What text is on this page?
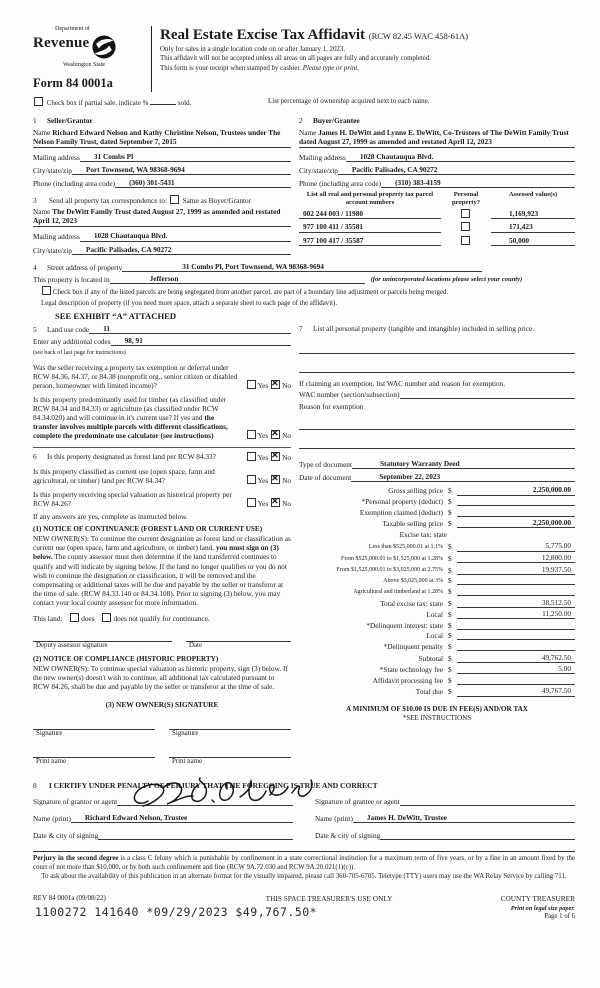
Department of
Revenue
Washington State
Form 84 0001a
Real Estate Excise Tax Affidavit (RCW 82.45 WAC 458-61A)
Only for sales in a single location code on or after January 1, 2023.
This affidavit will not be accepted unless all areas on all pages are fully and accurately completed.
This form is your receipt when stamped by cashier. Please type or print.
Check box if partial sale, indicate %	sold.	List percentage of ownership acquired next to each name.
1 Seller/Grantor
Name Richard Edward Nelson and Kathy Christine Nelson, Trustees under The Nelson Family Trust, dated September 7, 2015
Mailing address	31 Combs Pl
City/state/zip	Port Townsend, WA 98368-9694
Phone (including area code)	(360) 301-5431
3 Send all property tax correspondence to: Same as Buyer/Grantor
Name The DeWitt Family Trust dated August 27, 1999 as amended and restated April 12, 2023
Mailing address	1028 Chautauqua Blvd.
City/state/zip	Pacific Palisades, CA 90272
2 Buyer/Grantee
Name James H. DeWitt and Lynne E. DeWitt, Co-Trustees of The DeWitt Family Trust dated August 27, 1999 as amended and restated April 12, 2023
Mailing address	1028 Chautauqua Blvd.
City/state/zip	Pacific Palisades, CA 90272
Phone (including area code)	(310) 383-4159
List all real and personal property tax parcel account numbers
Personal property?
Assessed value(s)
002 244 003 / 11980	1,169,923
977 100 411 / 35581	171,423
977 100 417 / 35587	50,000
4	Street address of property	31 Combs Pl, Port Townsend, WA 98368-9694
This property is located in	Jefferson	(for unincorporated locations please select your county)
Check box if any of the listed parcels are being segregated from another parcel, are part of a boundary line adjustment or parcels being merged.
Legal description of property (if you need more space, attach a separate sheet to each page of the affidavit).
SEE EXHIBIT “A” ATTACHED
5	Land use code	11
Enter any additional codes	98, 91
(see back of last page for instructions)
Was the seller receiving a property tax exemption or deferral under RCW 84.36, 84.37, or 84.38 (nonprofit org., senior citizen or disabled person, homeowner with limited income)?	Yes ✕ No
Is this property predominantly used for timber (as classified under RCW 84.34 and 84.33) or agriculture (as classified under RCW 84.34.020) and will continue in it's current use? If yes and the transfer involves multiple parcels with different classifications, complete the predominate use calculator (see instructions)	Yes ✕ No
6 Is this property designated as forest land per RCW 84.33?	Yes ✕ No
Is this property classified as current use (open space, farm and agricultural, or timber) land per RCW 84.34?	Yes ✕ No
Is this property receiving special valuation as historical property per RCW 84.26?	Yes ✕ No
If any answers are yes, complete as instructed below.
(1) NOTICE OF CONTINUANCE (FOREST LAND OR CURRENT USE)
NEW OWNER(S): To continue the current designation as forest land or classification as current use (open space, farm and agriculture, or timber) land, you must sign on (3) below. The county assessor must then determine if the land transferred continues to qualify and will indicate by signing below. If the land no longer qualifies or you do not wish to continue the designation or classification, it will be removed and the compensating or additional taxes will be due and payable by the seller or transferor at the time of sale. (RCW 84.33.140 or 84.34.108). Prior to signing (3) below, you may contact your local county assessor for more information.
This land:	does	does not qualify for continuance.
Deputy assessor signature	Date
(2) NOTICE OF COMPLIANCE (HISTORIC PROPERTY)
NEW OWNER(S): To continue special valuation as historic property, sign (3) below. If the new owner(s) doesn't wish to continue, all additional tax calculated pursuant to RCW 84.26, shall be due and payable by the seller or transferor at the time of sale.
(3) NEW OWNER(S) SIGNATURE
Signature	Signature
Print name	Print name
7	List all personal property (tangible and intangible) included in selling price.
If claiming an exemption, list WAC number and reason for exemption.
WAC number (section/subsection)
Reason for exemption
Type of document	Statutory Warranty Deed
Date of document	September 22, 2023
Gross selling price $	2,250,000.00
*Personal property (deduct) $
Exemption claimed (deduct) $
Taxable selling price $	2,250,000.00
Excise tax: state
Less than $525,000.01 at 1.1% $	5,775.00
From $525,000.01 to $1,525,000 at 1.28% $	12,800.00
From $1,525,000.01 to $3,025,000 at 2.75% $	19,937.50
Above $3,025,000 at 3% $
Agricultural and timberland at 1.28% $
Total excise tax: state $	38,512.50
Local $	11,250.00
*Delinquent interest: state $
Local $
*Delinquent penalty $
Subtotal $	49,762.50
*State technology fee $	5.00
Affidavit processing fee $
Total due $	49,767.50
A MINIMUM OF $10.00 IS DUE IN FEE(S) AND/OR TAX
*SEE INSTRUCTIONS
8 I CERTIFY UNDER PENALTY OF PERJURY THAT THE FOREGOING IS TRUE AND CORRECT
Signature of grantor or agent
Name (print)	Richard Edward Nelson, Trustee
Date & city of signing
Signature of grantee or agent
Name (print)	James H. DeWitt, Trustee
Date & city of signing
Perjury in the second degree is a class C felony which is punishable by confinement in a state correctional institution for a maximum term of five years, or by a fine in an amount fixed by the court of not more than $10,000, or by both such confinement and fine (RCW 9A.72.030 and RCW 9A.20.021(1)(c)).
To ask about the availability of this publication in an alternate format for the visually impaired, please call 360-705-6705. Teletype (TTY) users may use the WA Relay Service by calling 711.
REV 84 0001a (09/08/22)	THIS SPACE TREASURER'S USE ONLY	COUNTY TREASURER
1100272 141640 *09/29/2023 $49,767.50*	Print on legal size paper.
Page 1 of 6
